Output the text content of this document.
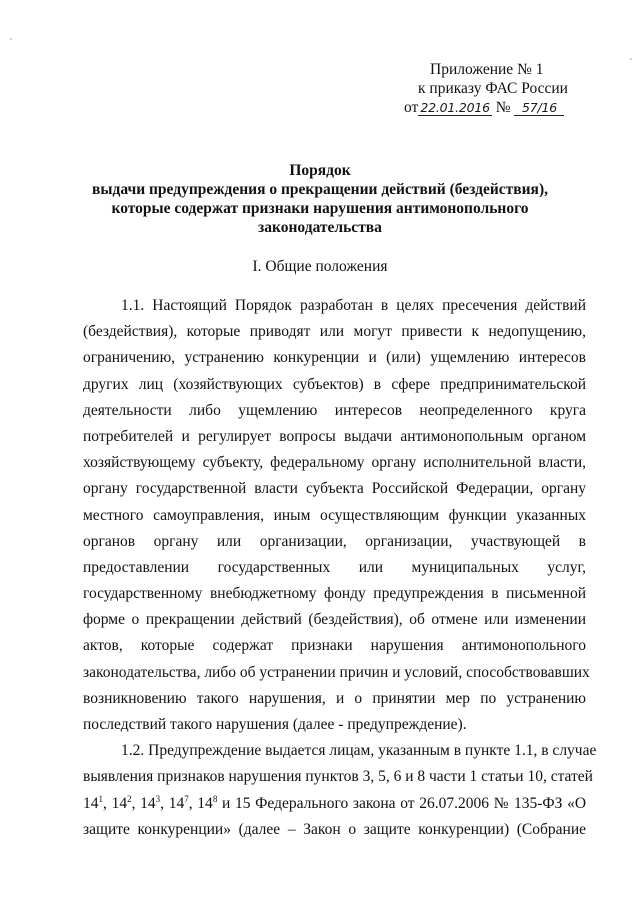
Приложение № 1
к приказу ФАС России
от 22.01.2016 № 57/16
Порядок
выдачи предупреждения о прекращении действий (бездействия),
которые содержат признаки нарушения антимонопольного
законодательства
I. Общие положения
1.1. Настоящий Порядок разработан в целях пресечения действий
(бездействия), которые приводят или могут привести к недопущению,
ограничению, устранению конкуренции и (или) ущемлению интересов
других лиц (хозяйствующих субъектов) в сфере предпринимательской
деятельности либо ущемлению интересов неопределенного круга
потребителей и регулирует вопросы выдачи антимонопольным органом
хозяйствующему субъекту, федеральному органу исполнительной власти,
органу государственной власти субъекта Российской Федерации, органу
местного самоуправления, иным осуществляющим функции указанных
органов органу или организации, организации, участвующей в
предоставлении государственных или муниципальных услуг,
государственному внебюджетному фонду предупреждения в письменной
форме о прекращении действий (бездействия), об отмене или изменении
актов, которые содержат признаки нарушения антимонопольного
законодательства, либо об устранении причин и условий, способствовавших
возникновению такого нарушения, и о принятии мер по устранению
последствий такого нарушения (далее - предупреждение).
1.2. Предупреждение выдается лицам, указанным в пункте 1.1, в случае
выявления признаков нарушения пунктов 3, 5, 6 и 8 части 1 статьи 10, статей
$14^1$, $14^2$, $14^3$, $14^7$, $14^8$ и 15 Федерального закона от 26.07.2006 № 135-ФЗ «О
защите конкуренции» (далее – Закон о защите конкуренции) (Собрание
